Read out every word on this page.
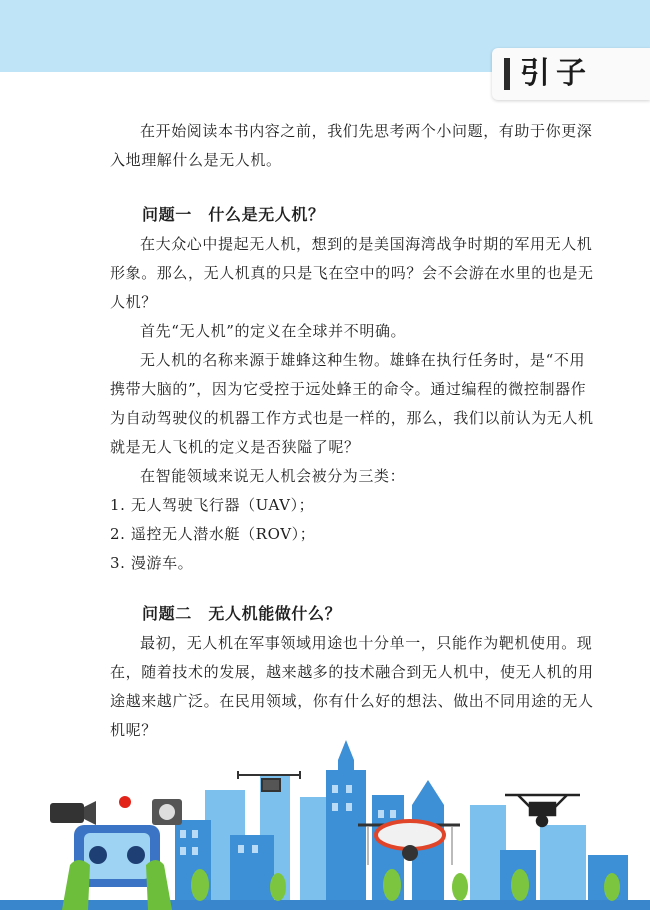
引子

在开始阅读本书内容之前，我们先思考两个小问题，有助于你更深入地理解什么是无人机。

问题一　什么是无人机？

在大众心中提起无人机，想到的是美国海湾战争时期的军用无人机形象。那么，无人机真的只是飞在空中的吗？会不会游在水里的也是无人机？

首先“无人机”的定义在全球并不明确。

无人机的名称来源于雄蜂这种生物。雄蜂在执行任务时，是“不用携带大脑的”，因为它受控于远处蜂王的命令。通过编程的微控制器作为自动驾驶仪的机器工作方式也是一样的，那么，我们以前认为无人机就是无人飞机的定义是否狭隘了呢？

在智能领域来说无人机会被分为三类：

1. 无人驾驶飞行器（UAV）；

2. 遥控无人潜水艇（ROV）；

3. 漫游车。

问题二　无人机能做什么？

最初，无人机在军事领域用途也十分单一，只能作为靶机使用。现在，随着技术的发展，越来越多的技术融合到无人机中，使无人机的用途越来越广泛。在民用领域，你有什么好的想法、做出不同用途的无人机呢？
